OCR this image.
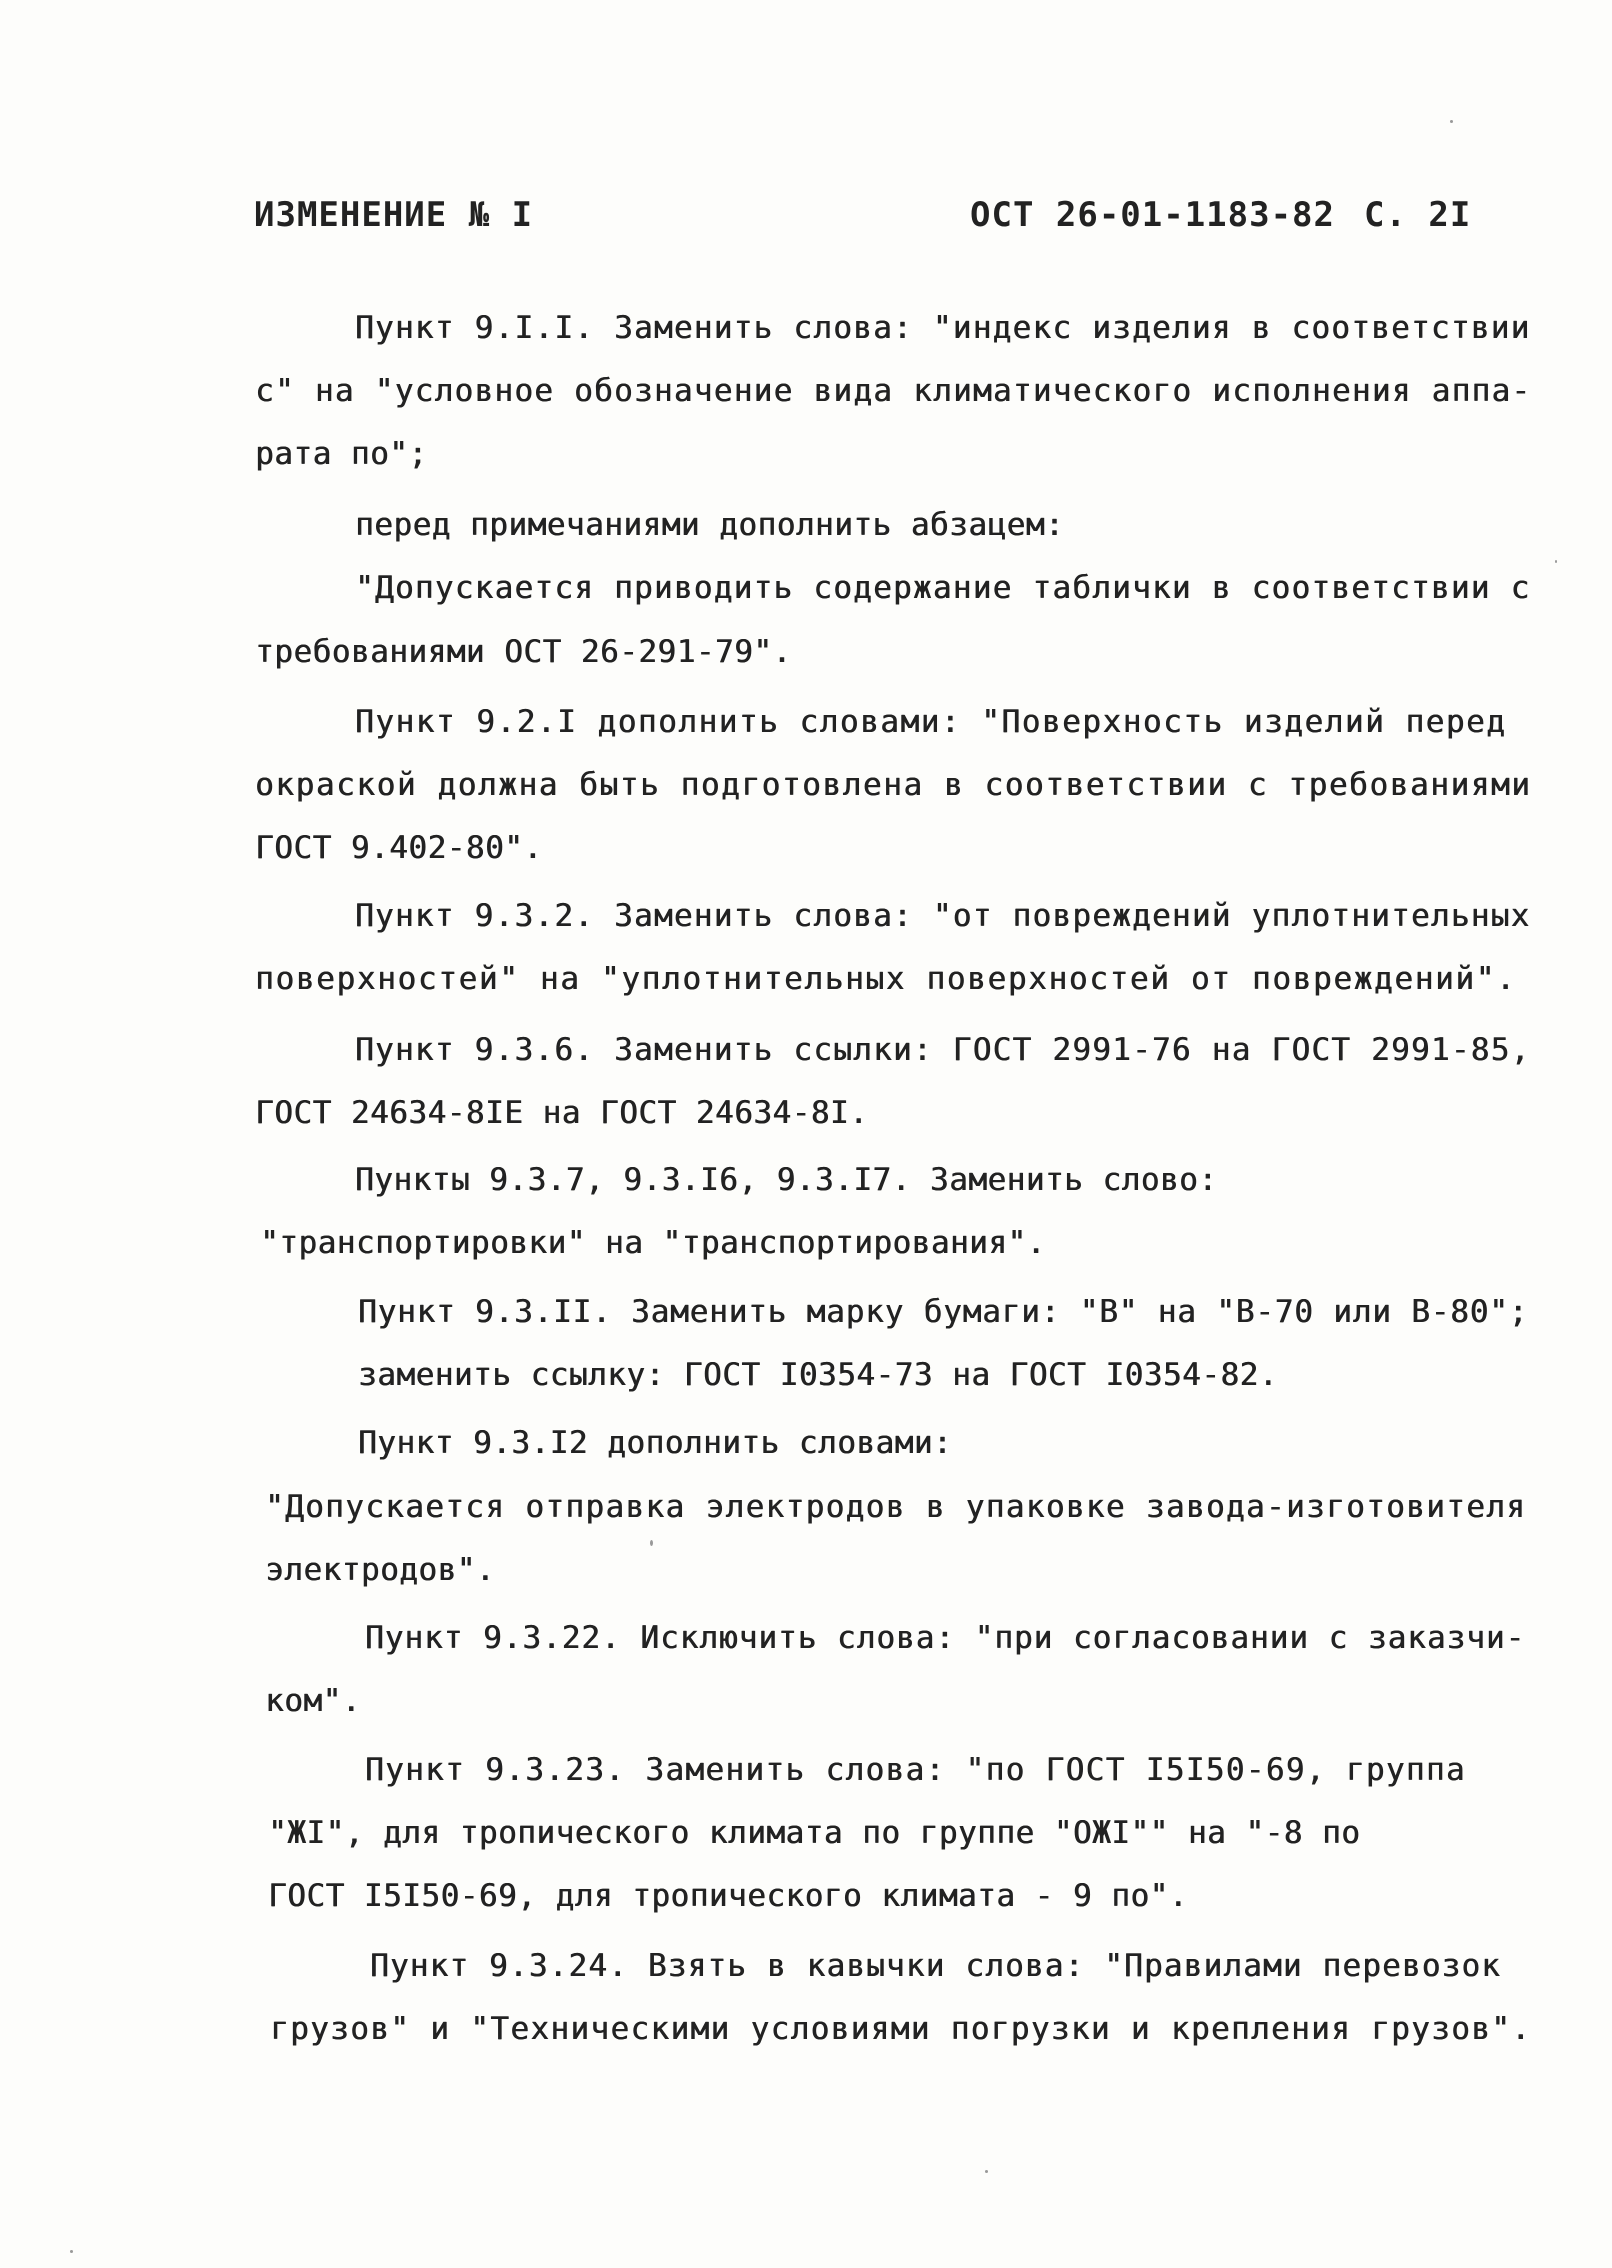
ИЗМЕНЕНИЕ № I	ОСТ 26-01-1183-82 С. 2I
Пункт 9.I.I. Заменить слова: "индекс изделия в соответствии
с" на "условное обозначение вида климатического исполнения аппа-
рата по";
перед примечаниями дополнить абзацем:
"Допускается приводить содержание таблички в соответствии с
требованиями ОСТ 26-291-79".
Пункт 9.2.I дополнить словами: "Поверхность изделий перед
окраской должна быть подготовлена в соответствии с требованиями
ГОСТ 9.402-80".
Пункт 9.3.2. Заменить слова: "от повреждений уплотнительных
поверхностей" на "уплотнительных поверхностей от повреждений".
Пункт 9.3.6. Заменить ссылки: ГОСТ 2991-76 на ГОСТ 2991-85,
ГОСТ 24634-8IЕ на ГОСТ 24634-8I.
Пункты 9.3.7, 9.3.I6, 9.3.I7. Заменить слово:
"транспортировки" на "транспортирования".
Пункт 9.3.II. Заменить марку бумаги: "В" на "В-70 или В-80";
заменить ссылку: ГОСТ I0354-73 на ГОСТ I0354-82.
Пункт 9.3.I2 дополнить словами:
"Допускается отправка электродов в упаковке завода-изготовителя
электродов".
Пункт 9.3.22. Исключить слова: "при согласовании с заказчи-
ком".
Пункт 9.3.23. Заменить слова: "по ГОСТ I5I50-69, группа
"ЖI", для тропического климата по группе "ОЖI"" на "-8 по
ГОСТ I5I50-69, для тропического климата - 9 по".
Пункт 9.3.24. Взять в кавычки слова: "Правилами перевозок
грузов" и "Техническими условиями погрузки и крепления грузов".
